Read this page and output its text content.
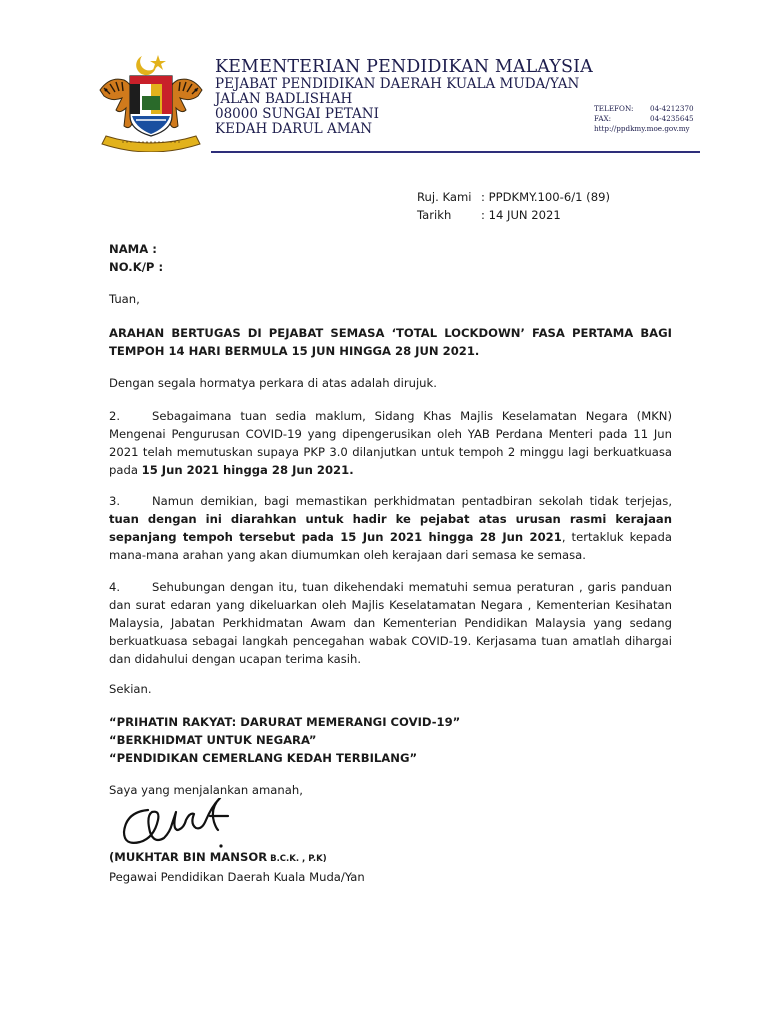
KEMENTERIAN PENDIDIKAN MALAYSIA
PEJABAT PENDIDIKAN DAERAH KUALA MUDA/YAN
JALAN BADLISHAH
08000 SUNGAI PETANI
KEDAH DARUL AMAN
TELEFON: 04-4212370
FAX:	04-4235645
http://ppdkmy.moe.gov.my
Ruj. Kami : PPDKMY.100-6/1 (89)
Tarikh	: 14 JUN 2021
NAMA :
NO.K/P :
Tuan,
ARAHAN BERTUGAS DI PEJABAT SEMASA ‘TOTAL LOCKDOWN’ FASA PERTAMA BAGI TEMPOH 14 HARI BERMULA 15 JUN HINGGA 28 JUN 2021.
Dengan segala hormatya perkara di atas adalah dirujuk.
2.	Sebagaimana tuan sedia maklum, Sidang Khas Majlis Keselamatan Negara (MKN) Mengenai Pengurusan COVID-19 yang dipengerusikan oleh YAB Perdana Menteri pada 11 Jun 2021 telah memutuskan supaya PKP 3.0 dilanjutkan untuk tempoh 2 minggu lagi berkuatkuasa pada 15 Jun 2021 hingga 28 Jun 2021.
3.	Namun demikian, bagi memastikan perkhidmatan pentadbiran sekolah tidak terjejas, tuan dengan ini diarahkan untuk hadir ke pejabat atas urusan rasmi kerajaan sepanjang tempoh tersebut pada 15 Jun 2021 hingga 28 Jun 2021, tertakluk kepada mana-mana arahan yang akan diumumkan oleh kerajaan dari semasa ke semasa.
4.	Sehubungan dengan itu, tuan dikehendaki mematuhi semua peraturan , garis panduan dan surat edaran yang dikeluarkan oleh Majlis Keselatamatan Negara , Kementerian Kesihatan Malaysia, Jabatan Perkhidmatan Awam dan Kementerian Pendidikan Malaysia yang sedang berkuatkuasa sebagai langkah pencegahan wabak COVID-19. Kerjasama tuan amatlah dihargai dan didahului dengan ucapan terima kasih.
Sekian.
“PRIHATIN RAKYAT: DARURAT MEMERANGI COVID-19”
“BERKHIDMAT UNTUK NEGARA”
“PENDIDIKAN CEMERLANG KEDAH TERBILANG”
Saya yang menjalankan amanah,
(MUKHTAR BIN MANSOR B.C.K. , P.K)
Pegawai Pendidikan Daerah Kuala Muda/Yan
